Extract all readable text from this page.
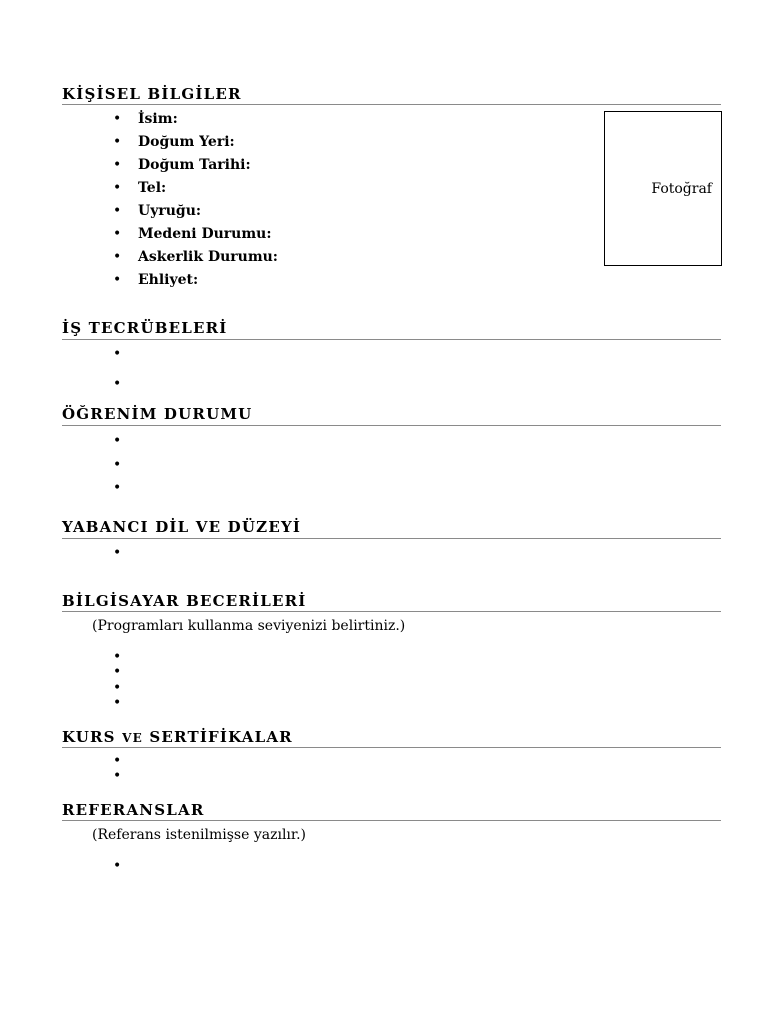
KİŞİSEL BİLGİLER
•
İsim:
•
Doğum Yeri:
•
Doğum Tarihi:
•
Tel:
•
Uyruğu:
•
Medeni Durumu:
•
Askerlik Durumu:
•
Ehliyet:
Fotoğraf
İŞ TECRÜBELERİ
•
•
ÖĞRENİM DURUMU
•
•
•
YABANCI DİL VE DÜZEYİ
•
BİLGİSAYAR BECERİLERİ
(Programları kullanma seviyenizi belirtiniz.)
•
•
•
•
KURS VE SERTİFİKALAR
•
•
REFERANSLAR
(Referans istenilmişse yazılır.)
•
